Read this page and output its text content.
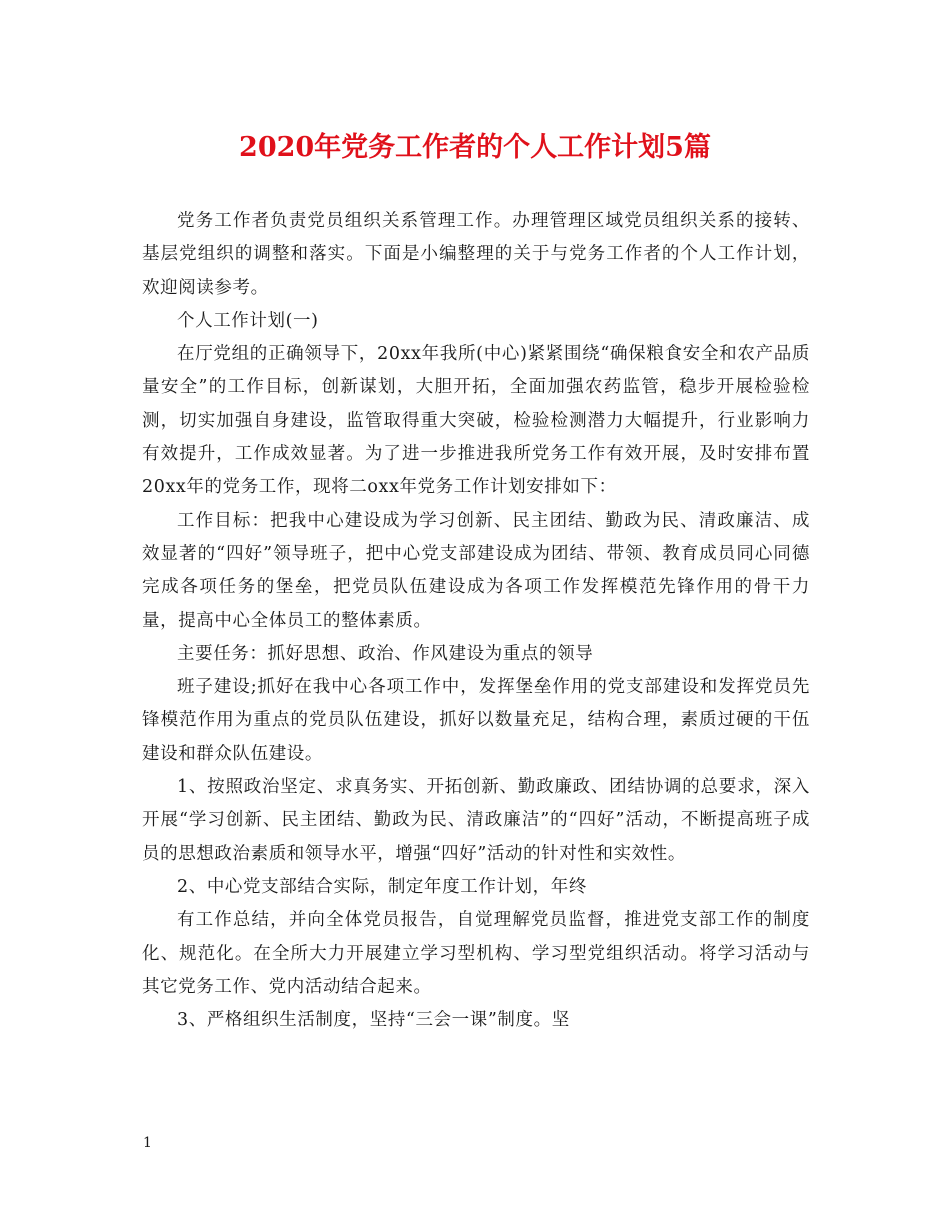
2020年党务工作者的个人工作计划5篇

党务工作者负责党员组织关系管理工作。办理管理区域党员组织关系的接转、基层党组织的调整和落实。下面是小编整理的关于与党务工作者的个人工作计划，欢迎阅读参考。

个人工作计划(一)

在厅党组的正确领导下，20xx年我所(中心)紧紧围绕“确保粮食安全和农产品质量安全”的工作目标，创新谋划，大胆开拓，全面加强农药监管，稳步开展检验检测，切实加强自身建设，监管取得重大突破，检验检测潜力大幅提升，行业影响力有效提升，工作成效显著。为了进一步推进我所党务工作有效开展，及时安排布置20xx年的党务工作，现将二oxx年党务工作计划安排如下：

工作目标：把我中心建设成为学习创新、民主团结、勤政为民、清政廉洁、成效显著的“四好”领导班子，把中心党支部建设成为团结、带领、教育成员同心同德完成各项任务的堡垒，把党员队伍建设成为各项工作发挥模范先锋作用的骨干力量，提高中心全体员工的整体素质。

主要任务：抓好思想、政治、作风建设为重点的领导

班子建设;抓好在我中心各项工作中，发挥堡垒作用的党支部建设和发挥党员先锋模范作用为重点的党员队伍建设，抓好以数量充足，结构合理，素质过硬的干伍建设和群众队伍建设。

1、按照政治坚定、求真务实、开拓创新、勤政廉政、团结协调的总要求，深入开展“学习创新、民主团结、勤政为民、清政廉洁”的“四好”活动，不断提高班子成员的思想政治素质和领导水平，增强“四好”活动的针对性和实效性。

2、中心党支部结合实际，制定年度工作计划，年终

有工作总结，并向全体党员报告，自觉理解党员监督，推进党支部工作的制度化、规范化。在全所大力开展建立学习型机构、学习型党组织活动。将学习活动与其它党务工作、党内活动结合起来。

3、严格组织生活制度，坚持“三会一课”制度。坚

1
